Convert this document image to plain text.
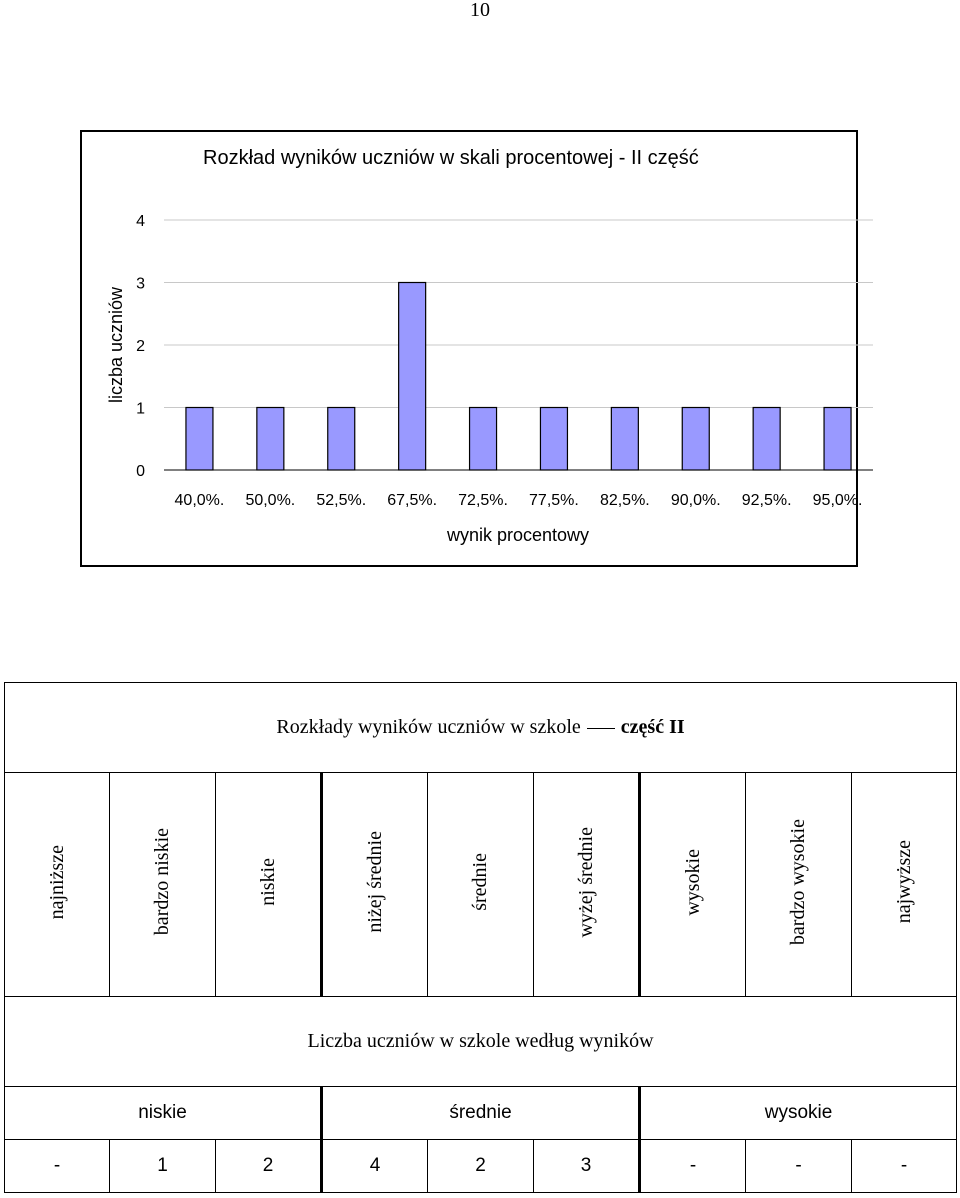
10
Rozkład wyników uczniów w skali procentowej - II część
0
1
2
3
4
40,0%. 50,0%. 52,5%. 67,5%. 72,5%. 77,5%. 82,5%. 90,0%. 92,5%. 95,0%.
wynik procentowy
liczba uczniów
Rozkłady wyników uczniów w szkole część II								
najniższe	bardzo niskie	niskie	niżej średnie	średnie	wyżej średnie	wysokie	bardzo wysokie	najwyższe
Liczba uczniów w szkole według wyników								
niskie			średnie			wysokie		
-	1	2	4	2	3	-	-	-
